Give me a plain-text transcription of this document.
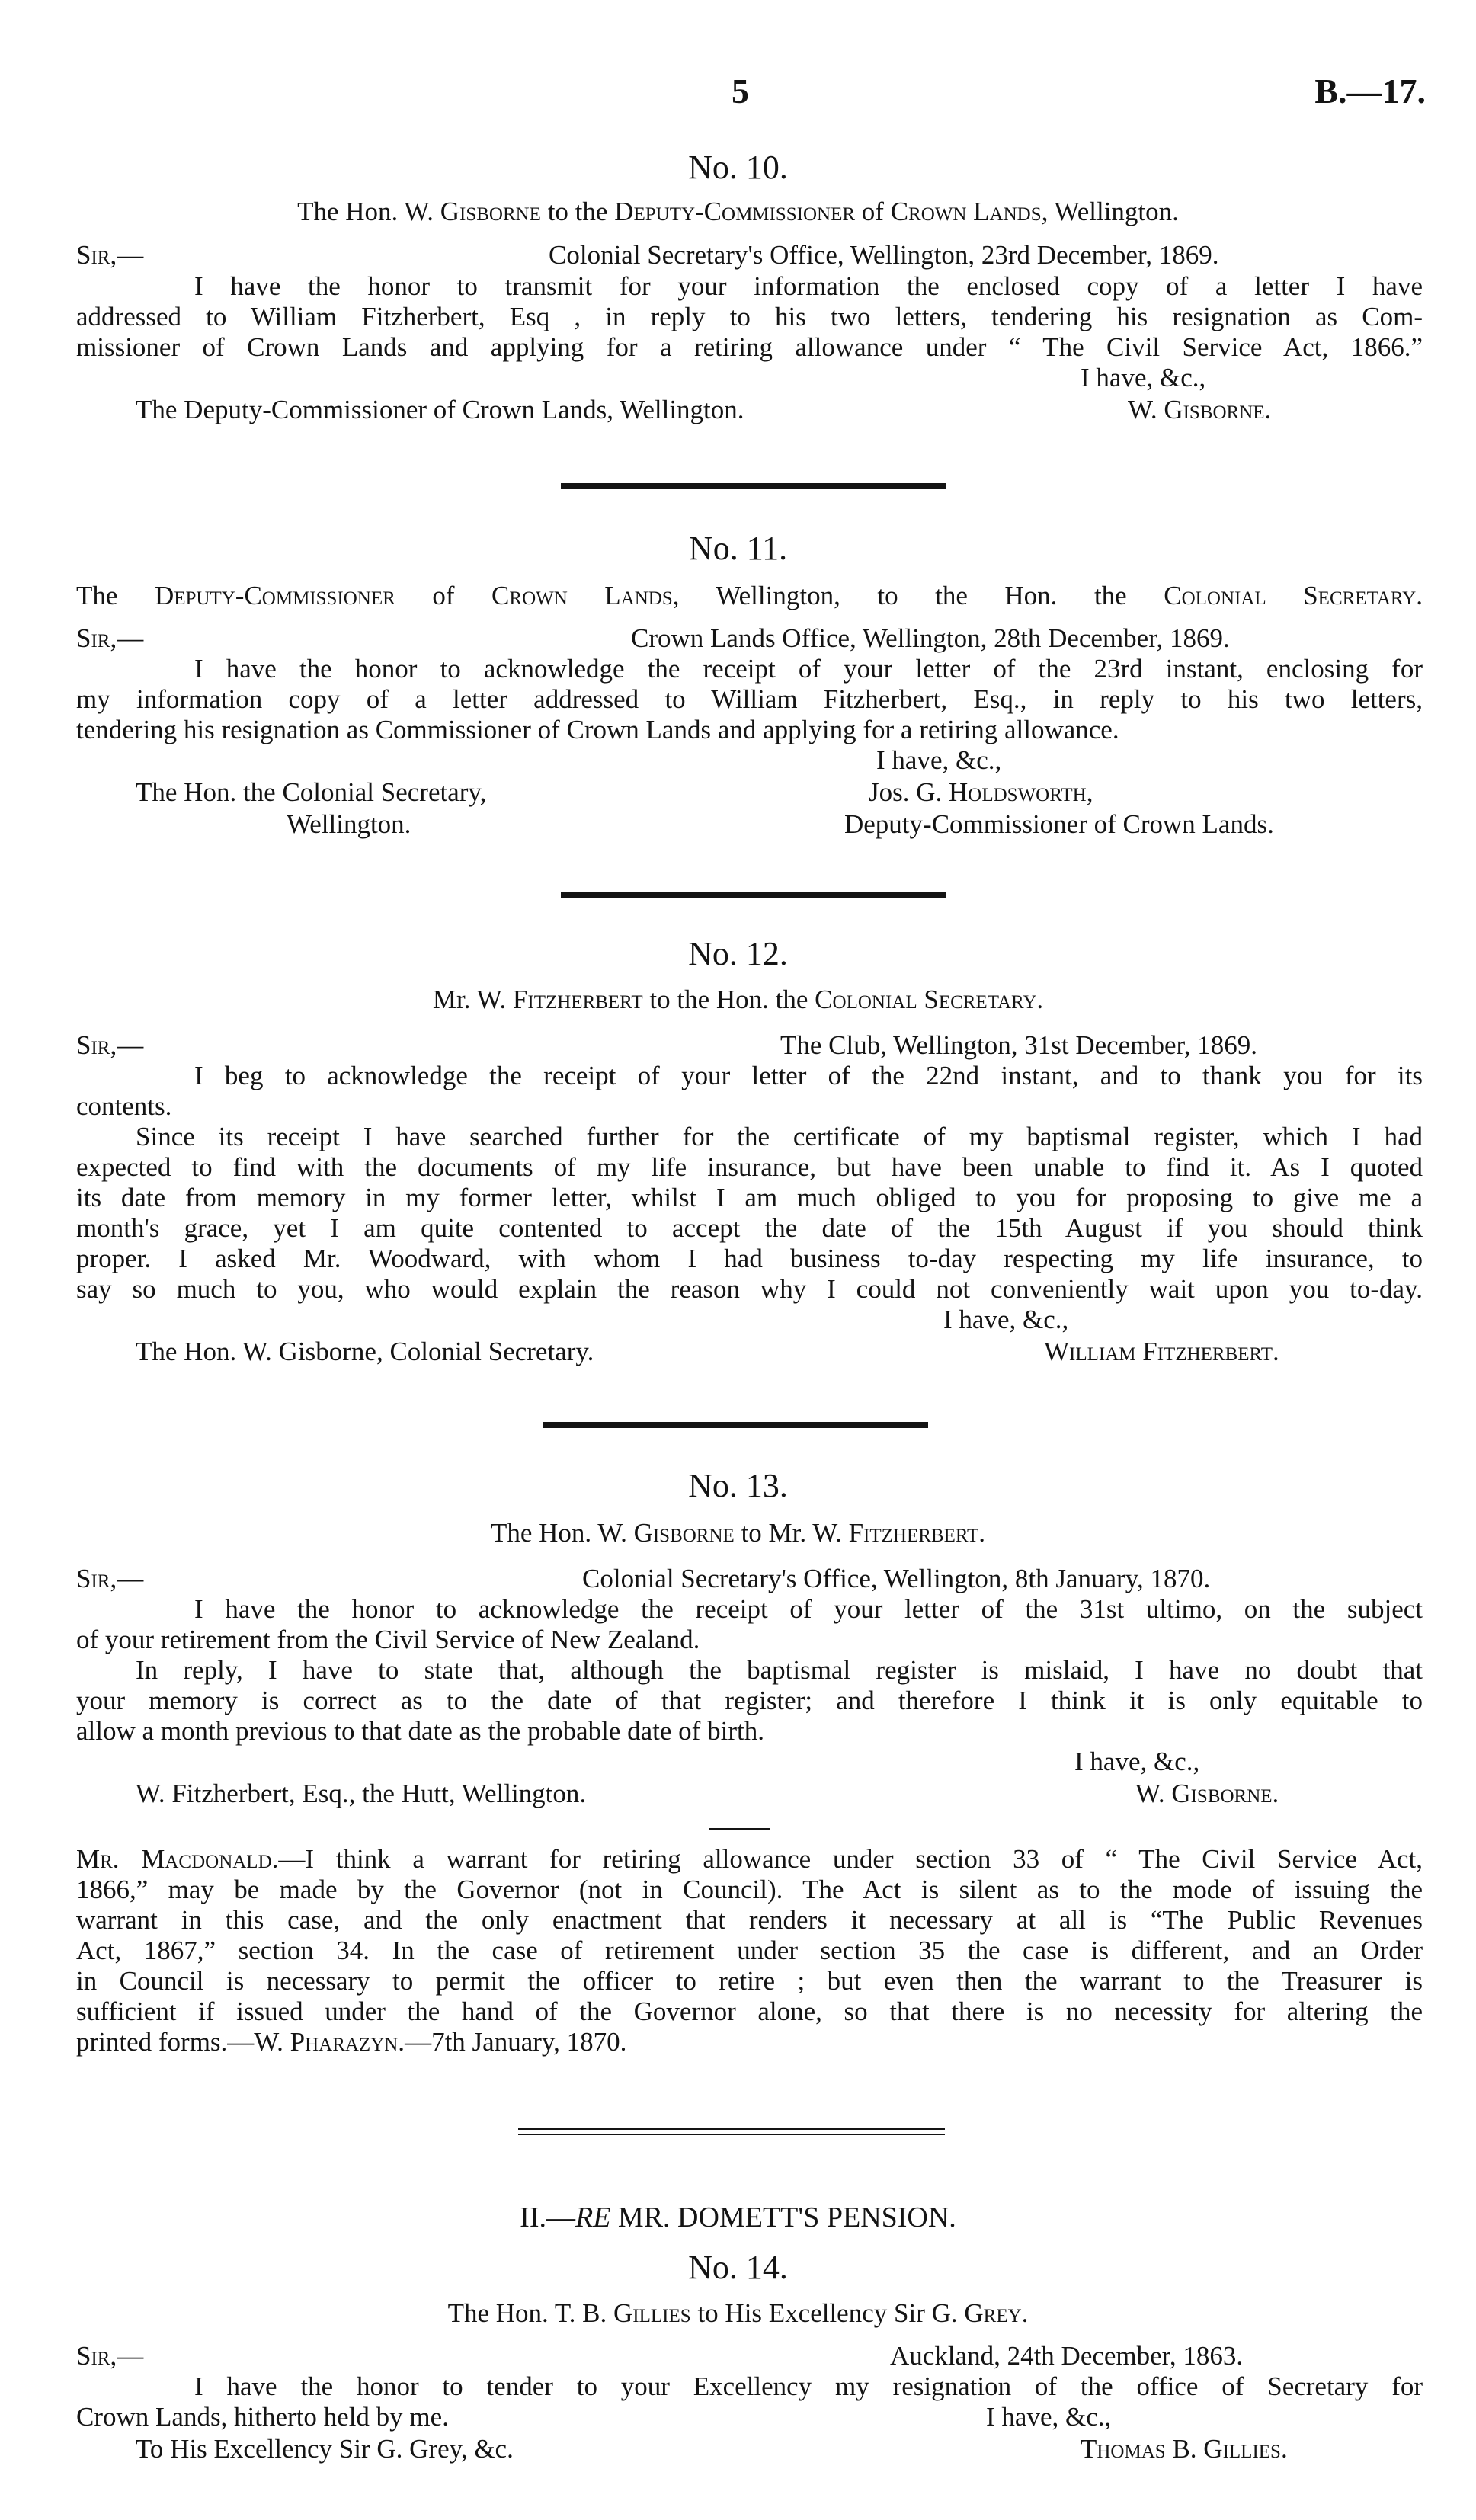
5	B.—17.
No. 10.
The Hon. W. Gisborne to the Deputy-Commissioner of Crown Lands, Wellington.
Sir,—	Colonial Secretary's Office, Wellington, 23rd December, 1869.
I have the honor to transmit for your information the enclosed copy of a letter I have
addressed to William Fitzherbert, Esq , in reply to his two letters, tendering his resignation as Com-
missioner of Crown Lands and applying for a retiring allowance under “ The Civil Service Act, 1866.”
I have, &c.,
The Deputy-Commissioner of Crown Lands, Wellington.	W. Gisborne.
No. 11.
The Deputy-Commissioner of Crown Lands, Wellington, to the Hon. the Colonial Secretary.
Sir,—	Crown Lands Office, Wellington, 28th December, 1869.
I have the honor to acknowledge the receipt of your letter of the 23rd instant, enclosing for
my information copy of a letter addressed to William Fitzherbert, Esq., in reply to his two letters,
tendering his resignation as Commissioner of Crown Lands and applying for a retiring allowance.
I have, &c.,
The Hon. the Colonial Secretary,
Wellington.
Jos. G. Holdsworth,
Deputy-Commissioner of Crown Lands.
No. 12.
Mr. W. Fitzherbert to the Hon. the Colonial Secretary.
Sir,—	The Club, Wellington, 31st December, 1869.
I beg to acknowledge the receipt of your letter of the 22nd instant, and to thank you for its
contents.
Since its receipt I have searched further for the certificate of my baptismal register, which I had
expected to find with the documents of my life insurance, but have been unable to find it. As I quoted
its date from memory in my former letter, whilst I am much obliged to you for proposing to give me a
month's grace, yet I am quite contented to accept the date of the 15th August if you should think
proper. I asked Mr. Woodward, with whom I had business to-day respecting my life insurance, to
say so much to you, who would explain the reason why I could not conveniently wait upon you to-day.
I have, &c.,
The Hon. W. Gisborne, Colonial Secretary.	William Fitzherbert.
No. 13.
The Hon. W. Gisborne to Mr. W. Fitzherbert.
Sir,—	Colonial Secretary's Office, Wellington, 8th January, 1870.
I have the honor to acknowledge the receipt of your letter of the 31st ultimo, on the subject
of your retirement from the Civil Service of New Zealand.
In reply, I have to state that, although the baptismal register is mislaid, I have no doubt that
your memory is correct as to the date of that register; and therefore I think it is only equitable to
allow a month previous to that date as the probable date of birth.
I have, &c.,
W. Fitzherbert, Esq., the Hutt, Wellington.	W. Gisborne.
Mr. Macdonald.—I think a warrant for retiring allowance under section 33 of “ The Civil Service Act,
1866,” may be made by the Governor (not in Council). The Act is silent as to the mode of issuing the
warrant in this case, and the only enactment that renders it necessary at all is “The Public Revenues
Act, 1867,” section 34. In the case of retirement under section 35 the case is different, and an Order
in Council is necessary to permit the officer to retire ; but even then the warrant to the Treasurer is
sufficient if issued under the hand of the Governor alone, so that there is no necessity for altering the
printed forms.—W. Pharazyn.—7th January, 1870.
II.—RE MR. DOMETT'S PENSION.
No. 14.
The Hon. T. B. Gillies to His Excellency Sir G. Grey.
Sir,—	Auckland, 24th December, 1863.
I have the honor to tender to your Excellency my resignation of the office of Secretary for
Crown Lands, hitherto held by me.	I have, &c.,
To His Excellency Sir G. Grey, &c.	Thomas B. Gillies.
